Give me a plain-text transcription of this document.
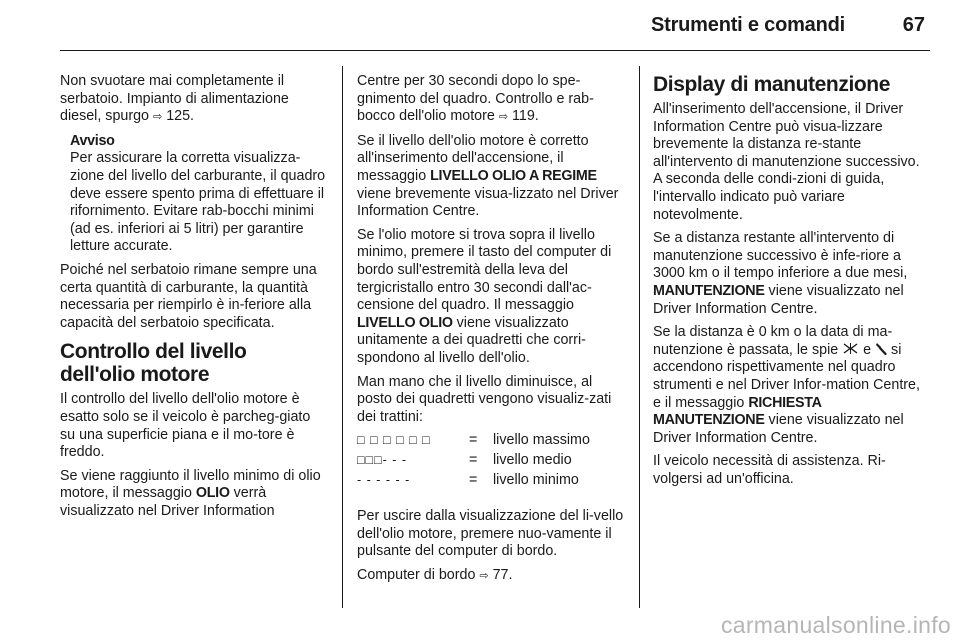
Strumenti e comandi	67

Non svuotare mai completamente il serbatoio. Impianto di alimentazione diesel, spurgo ⇨ 125.

Avviso
Per assicurare la corretta visualizza-zione del livello del carburante, il quadro deve essere spento prima di effettuare il rifornimento. Evitare rab-bocchi minimi (ad es. inferiori ai 5 litri) per garantire letture accurate.

Poiché nel serbatoio rimane sempre una certa quantità di carburante, la quantità necessaria per riempirlo è in-feriore alla capacità del serbatoio specificata.

Controllo del livello dell'olio motore

Il controllo del livello dell'olio motore è esatto solo se il veicolo è parcheg-giato su una superficie piana e il mo-tore è freddo.

Se viene raggiunto il livello minimo di olio motore, il messaggio OLIO verrà visualizzato nel Driver Information

Centre per 30 secondi dopo lo spe-gnimento del quadro. Controllo e rab-bocco dell'olio motore ⇨ 119.

Se il livello dell'olio motore è corretto all'inserimento dell'accensione, il messaggio LIVELLO OLIO A REGIME viene brevemente visua-lizzato nel Driver Information Centre.

Se l'olio motore si trova sopra il livello minimo, premere il tasto del computer di bordo sull'estremità della leva del tergicristallo entro 30 secondi dall'ac-censione del quadro. Il messaggio LIVELLO OLIO viene visualizzato unitamente a dei quadretti che corri-spondono al livello dell'olio.

Man mano che il livello diminuisce, al posto dei quadretti vengono visualiz-zati dei trattini:

□ □ □ □ □ □	=	livello massimo
□□□- - -	=	livello medio
- - - - - -	=	livello minimo

Per uscire dalla visualizzazione del li-vello dell'olio motore, premere nuo-vamente il pulsante del computer di bordo.

Computer di bordo ⇨ 77.

Display di manutenzione

All'inserimento dell'accensione, il Driver Information Centre può visua-lizzare brevemente la distanza re-stante all'intervento di manutenzione successivo. A seconda delle condi-zioni di guida, l'intervallo indicato può variare notevolmente.

Se a distanza restante all'intervento di manutenzione successivo è infe-riore a 3000 km o il tempo inferiore a due mesi, MANUTENZIONE viene visualizzato nel Driver Information Centre.

Se la distanza è 0 km o la data di ma-nutenzione è passata, le spie  e  si accendono rispettivamente nel quadro strumenti e nel Driver Infor-mation Centre, e il messaggio RICHIESTA MANUTENZIONE viene visualizzato nel Driver Information Centre.

Il veicolo necessità di assistenza. Ri-volgersi ad un'officina.

carmanualsonline.info
